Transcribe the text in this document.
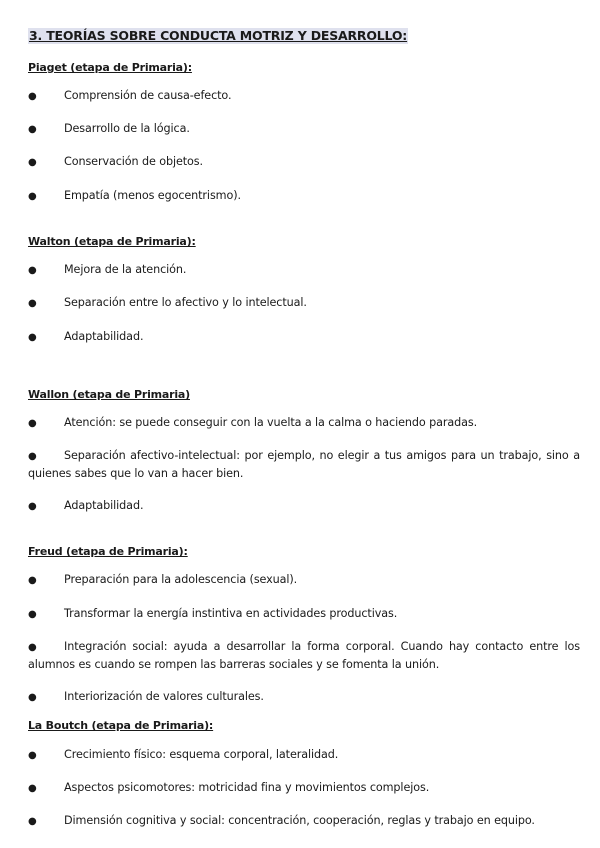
3. TEORÍAS SOBRE CONDUCTA MOTRIZ Y DESARROLLO:
Piaget (etapa de Primaria):
● Comprensión de causa-efecto.
● Desarrollo de la lógica.
● Conservación de objetos.
● Empatía (menos egocentrismo).
Walton (etapa de Primaria):
● Mejora de la atención.
● Separación entre lo afectivo y lo intelectual.
● Adaptabilidad.
Wallon (etapa de Primaria)
● Atención: se puede conseguir con la vuelta a la calma o haciendo paradas.
● Separación afectivo-intelectual: por ejemplo, no elegir a tus amigos para un trabajo, sino a quienes sabes que lo van a hacer bien.
● Adaptabilidad.
Freud (etapa de Primaria):
● Preparación para la adolescencia (sexual).
● Transformar la energía instintiva en actividades productivas.
● Integración social: ayuda a desarrollar la forma corporal. Cuando hay contacto entre los alumnos es cuando se rompen las barreras sociales y se fomenta la unión.
● Interiorización de valores culturales.
La Boutch (etapa de Primaria):
● Crecimiento físico: esquema corporal, lateralidad.
● Aspectos psicomotores: motricidad fina y movimientos complejos.
● Dimensión cognitiva y social: concentración, cooperación, reglas y trabajo en equipo.
